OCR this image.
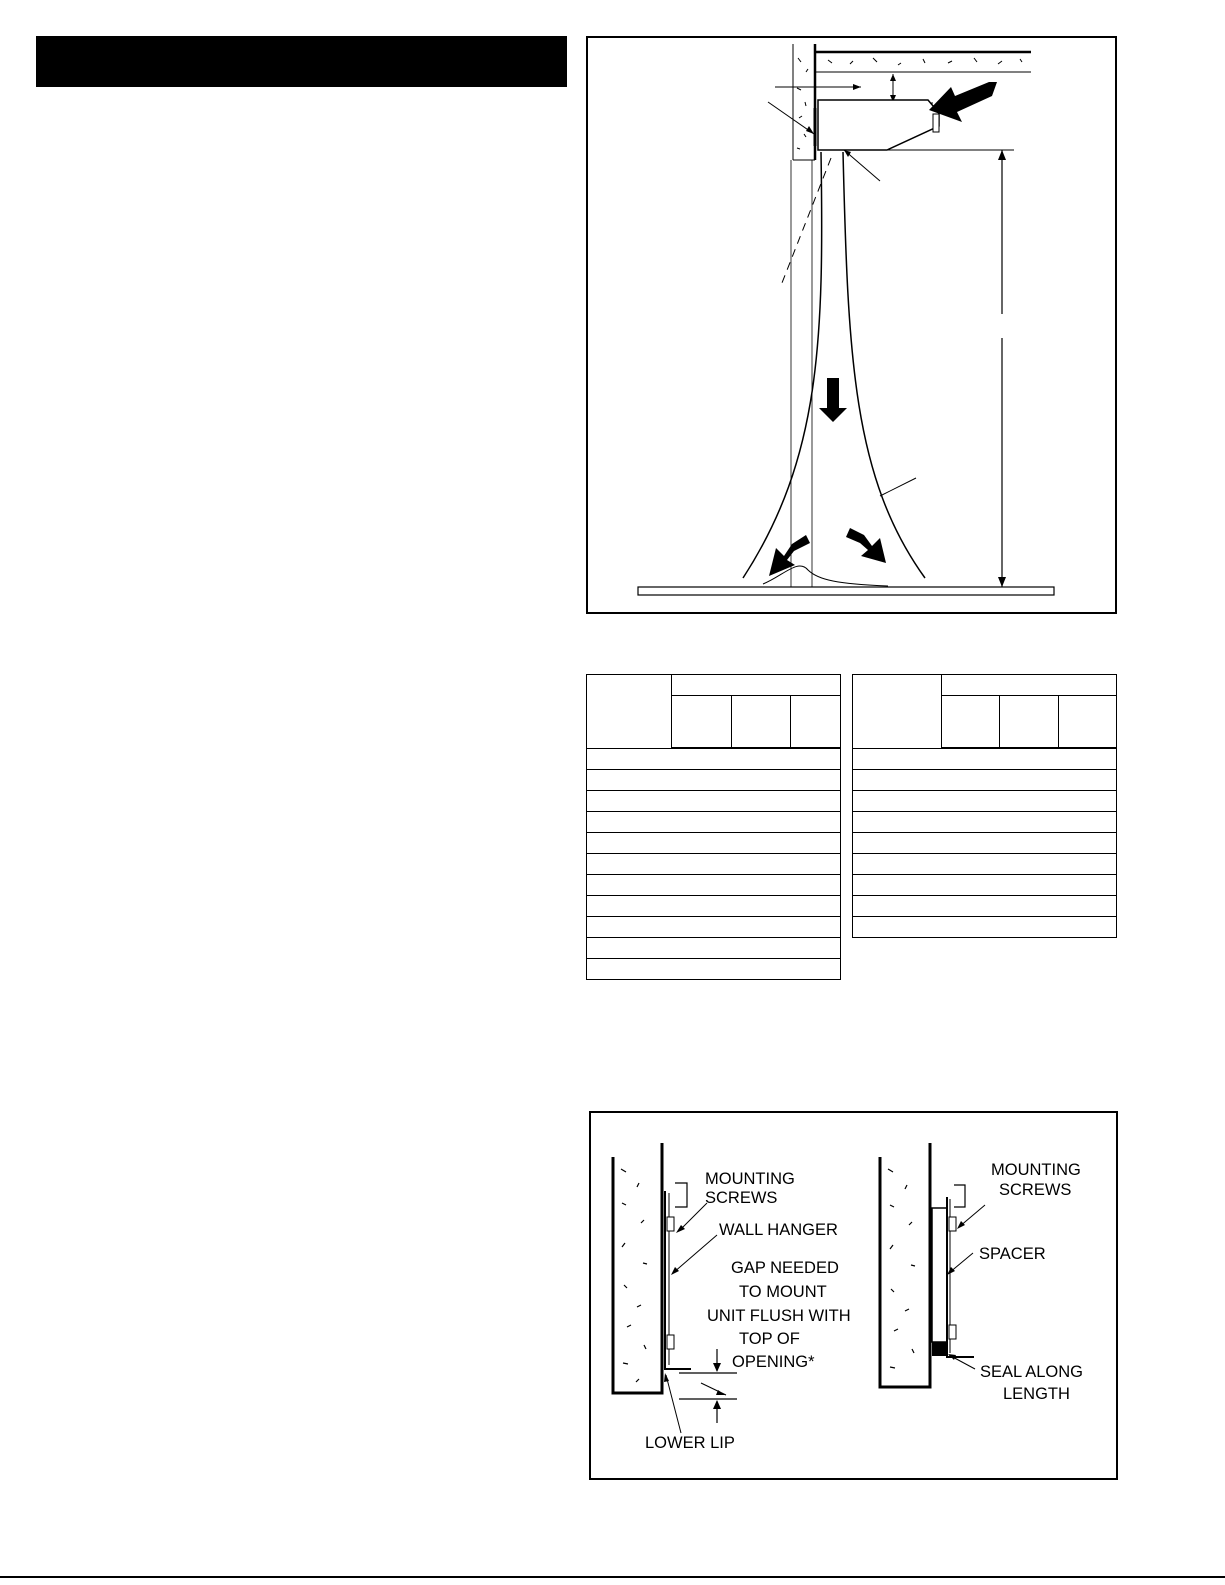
MOUNTING
SCREWS
WALL HANGER
GAP NEEDED
TO MOUNT
UNIT FLUSH WITH
TOP OF
OPENING*
LOWER LIP
MOUNTING
SCREWS
SPACER
SEAL ALONG
LENGTH
